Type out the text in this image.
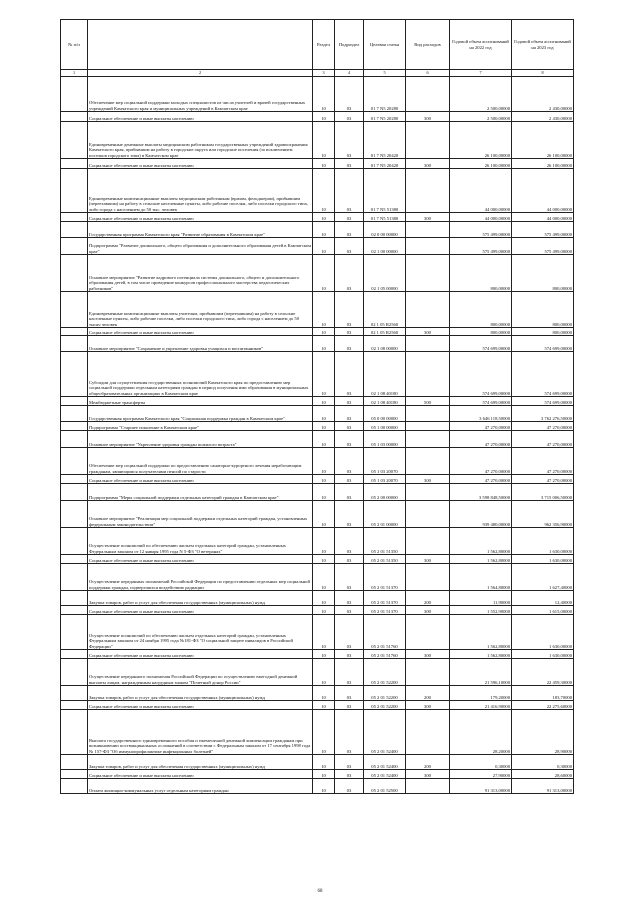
№ п/п		Раздел	Подраздел	Целевая статья	Вид расходов	Годовой объем ассигнований на 2022 год	Годовой объем ассигнований на 2023 год
1	2	3	4	5	6	7	8
	Обеспечение мер социальной поддержки молодых специалистов из числа учителей и врачей государственных учреждений Камчатского края и муниципальных учреждений в Камчатском крае	10	03	01 7 N5 20280		2 500,00000	2 430,00000
	Социальное обеспечение и иные выплаты населению	10	03	01 7 N5 20280	300	2 500,00000	2 430,00000
	Единовременные денежные выплаты медицинским работникам государственных учреждений здравоохранения Камчатского края, прибывшим на работу в городские округа или городские поселения (за исключением поселков городского типа) в Камчатском крае	10	03	01 7 N5 20420		26 100,00000	26 100,00000
	Социальное обеспечение и иные выплаты населению	10	03	01 7 N5 20420	300	26 100,00000	26 100,00000
	Единовременные компенсационные выплаты медицинским работникам (врачам, фельдшерам), прибывшим (переехавшим) на работу в сельские населенные пункты, либо рабочие поселки, либо поселки городского типа, либо города с населением до 50 тыс. человек	10	03	01 7 N5 51380		44 000,00000	44 000,00000
	Социальное обеспечение и иные выплаты населению	10	03	01 7 N5 51380	300	44 000,00000	44 000,00000
	Государственная программа Камчатского края "Развитие образования в Камчатском крае"	10	03	02 0 00 00000		575 499,00000	575 499,00000
	Подпрограмма "Развитие дошкольного, общего образования и дополнительного образования детей в Камчатском крае"	10	03	02 1 00 00000		575 499,00000	575 499,00000
	Основное мероприятие "Развитие кадрового потенциала системы дошкольного, общего и дополнительного образования детей, в том числе проведение конкурсов профессионального мастерства педагогических работников"	10	03	02 1 05 00000		800,00000	800,00000
	Единовременные компенсационные выплаты учителям, прибывшим (переехавшим) на работу в сельские населенные пункты, либо рабочие поселки, либо поселки городского типа, либо города с населением до 50 тысяч человек	10	03	02 1 05 R2560		800,00000	800,00000
	Социальное обеспечение и иные выплаты населению	10	03	02 1 05 R2560	300	800,00000	800,00000
	Основное мероприятие "Сохранение и укрепление здоровья учащихся и воспитанников"	10	03	02 1 08 00000		574 699,00000	574 699,00000
	Субсидии для осуществления государственных полномочий Камчатского края по предоставлению мер социальной поддержки отдельным категориям граждан в период получения ими образования в муниципальных общеобразовательных организациях в Камчатском крае	10	03	02 1 08 40180		574 699,00000	574 699,00000
	Межбюджетные трансферты	10	03	02 1 08 40180	500	574 699,00000	574 699,00000
	Государственная программа Камчатского края "Социальная поддержка граждан в Камчатском крае"	10	03	05 0 00 00000		3 646 118,50000	3 762 276,50000
	Подпрограмма "Старшее поколение в Камчатском крае"	10	03	05 1 00 00000		47 270,00000	47 270,00000
	Основное мероприятие "Укрепление здоровья граждан пожилого возраста"	10	03	05 1 03 00000		47 270,00000	47 270,00000
	Обеспечение мер социальной поддержки по предоставлению санаторно-курортного лечения неработающим гражданам, являющимся получателями пенсий по старости	10	03	05 1 03 20070		47 270,00000	47 270,00000
	Социальное обеспечение и иные выплаты населению	10	03	05 1 03 20070	300	47 270,00000	47 270,00000
	Подпрограмма "Меры социальной поддержки отдельных категорий граждан в Камчатском крае"	10	03	05 2 00 00000		3 598 848,50000	3 715 006,50000
	Основное мероприятие "Реализация мер социальной поддержки отдельных категорий граждан, установленных федеральным законодательством"	10	03	05 2 01 00000		939 480,00000	962 356,90000
	Осуществление полномочий по обеспечению жильем отдельных категорий граждан, установленных Федеральным законом от 12 января 1995 года N 5-ФЗ "О ветеранах"	10	03	05 2 01 51350		1 562,80000	1 630,00000
	Социальное обеспечение и иные выплаты населению	10	03	05 2 01 51350	300	1 562,80000	1 630,00000
	Осуществление переданных полномочий Российской Федерации по предоставлению отдельных мер социальной поддержки граждан, подвергшихся воздействию радиации	10	03	05 2 01 51370		1 564,80000	1 627,40000
	Закупка товаров, работ и услуг для обеспечения государственных (муниципальных) нужд	10	03	05 2 01 51370	200	11,90000	12,40000
	Социальное обеспечение и иные выплаты населению	10	03	05 2 01 51370	300	1 552,90000	1 615,00000
	Осуществление полномочий по обеспечению жильем отдельных категорий граждан, установленных Федеральным законом от 24 ноября 1995 года №181-ФЗ "О социальной защите инвалидов в Российской Федерации"	10	03	05 2 01 51760		1 562,80000	1 630,00000
	Социальное обеспечение и иные выплаты населению	10	03	05 2 01 51760	300	1 562,80000	1 630,00000
	Осуществление переданного полномочия Российской Федерации по осуществлению ежегодной денежной выплаты лицам, награжденным нагрудным знаком "Почетный донор России"	10	03	05 2 01 52200		21 596,10000	22 459,30000
	Закупка товаров, работ и услуг для обеспечения государственных (муниципальных) нужд	10	03	05 2 01 52200	200	179,20000	183,70000
	Социальное обеспечение и иные выплаты населению	10	03	05 2 01 52200	300	21 416,90000	22 275,60000
	Выплата государственного единовременного пособия и ежемесячной денежной компенсации гражданам при возникновении поствакцинальных осложнений в соответствии с Федеральным законом от 17 сентября 1998 года № 157-ФЗ "Об иммунопрофилактике инфекционных болезней"	10	03	05 2 01 52400		28,20000	28,90000
	Закупка товаров, работ и услуг для обеспечения государственных (муниципальных) нужд	10	03	05 2 01 52400	200	0,30000	0,30000
	Социальное обеспечение и иные выплаты населению	10	03	05 2 01 52400	300	27,90000	28,60000
	Оплата жилищно-коммунальных услуг отдельным категориям граждан	10	03	05 2 01 52500		91 313,00000	91 313,00000
68
